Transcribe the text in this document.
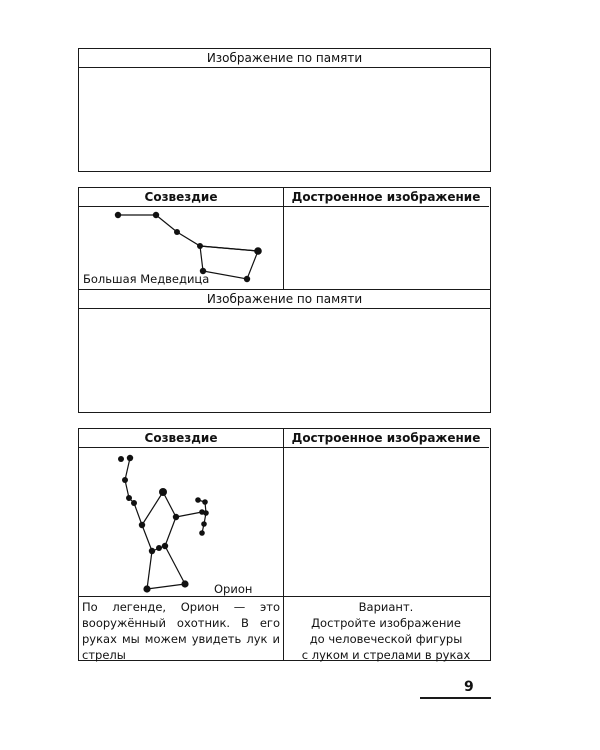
Изображение по памяти
Созвездие	Достроенное изображение
Изображение по памяти
Большая Медведица
Созвездие	Достроенное изображение
Орион
По легенде, Орион — это вооружённый охотник. В его руках мы можем увидеть лук и стрелы
Вариант.
Достройте изображение
до человеческой фигуры
с луком и стрелами в руках
9
